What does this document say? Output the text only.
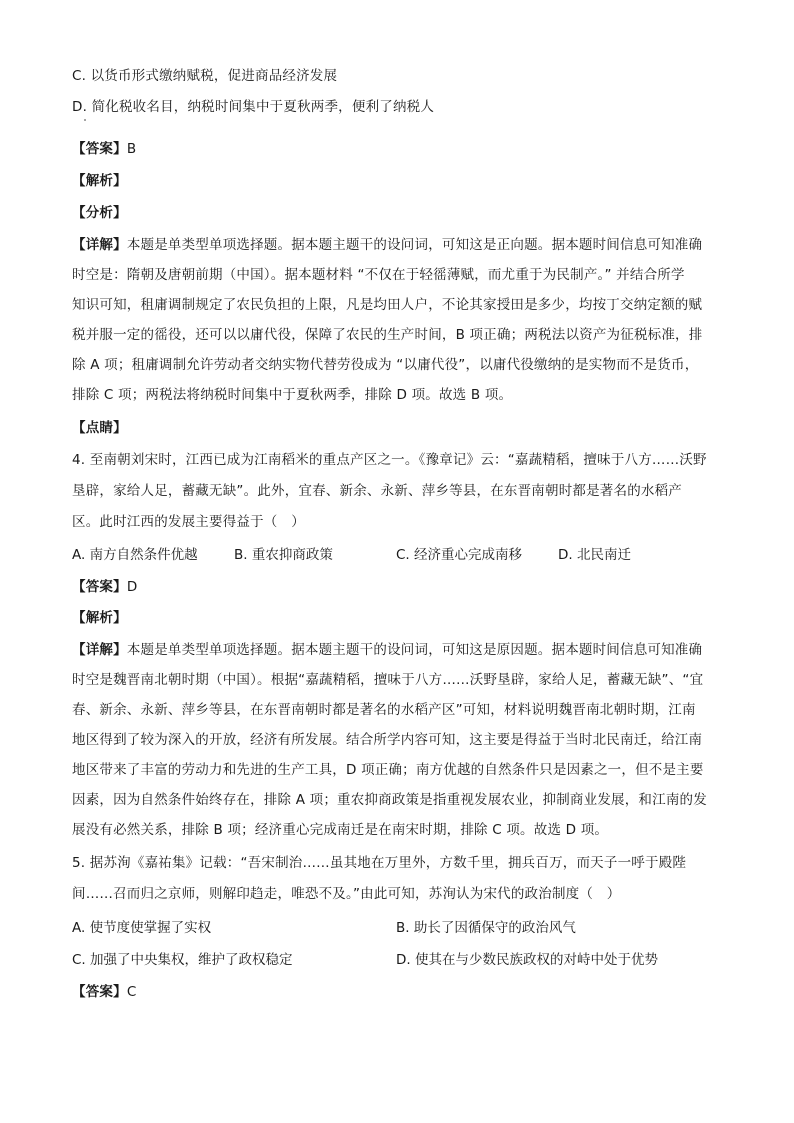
C. 以货币形式缴纳赋税，促进商品经济发展
D. 简化税收名目，纳税时间集中于夏秋两季，便利了纳税人
【答案】B
【解析】
【分析】
【详解】本题是单类型单项选择题。据本题主题干的设问词，可知这是正向题。据本题时间信息可知准确
时空是：隋朝及唐朝前期（中国）。据本题材料 “不仅在于轻徭薄赋，而尤重于为民制产。” 并结合所学
知识可知，租庸调制规定了农民负担的上限，凡是均田人户，不论其家授田是多少，均按丁交纳定额的赋
税并服一定的徭役，还可以以庸代役，保障了农民的生产时间，B 项正确；两税法以资产为征税标准，排
除 A 项；租庸调制允许劳动者交纳实物代替劳役成为 “以庸代役”，以庸代役缴纳的是实物而不是货币，
排除 C 项；两税法将纳税时间集中于夏秋两季，排除 D 项。故选 B 项。
【点睛】
4. 至南朝刘宋时，江西已成为江南稻米的重点产区之一。《豫章记》云：“嘉蔬精稻，擅味于八方……沃野
垦辟，家给人足，蓄藏无缺”。此外，宜春、新余、永新、萍乡等县，在东晋南朝时都是著名的水稻产
区。此时江西的发展主要得益于（　）
A. 南方自然条件优越	B. 重农抑商政策	C. 经济重心完成南移	D. 北民南迁
【答案】D
【解析】
【详解】本题是单类型单项选择题。据本题主题干的设问词，可知这是原因题。据本题时间信息可知准确
时空是魏晋南北朝时期（中国）。根据“嘉蔬精稻，擅味于八方……沃野垦辟，家给人足，蓄藏无缺”、“宜
春、新余、永新、萍乡等县，在东晋南朝时都是著名的水稻产区”可知，材料说明魏晋南北朝时期，江南
地区得到了较为深入的开放，经济有所发展。结合所学内容可知，这主要是得益于当时北民南迁，给江南
地区带来了丰富的劳动力和先进的生产工具，D 项正确；南方优越的自然条件只是因素之一，但不是主要
因素，因为自然条件始终存在，排除 A 项；重农抑商政策是指重视发展农业，抑制商业发展，和江南的发
展没有必然关系，排除 B 项；经济重心完成南迁是在南宋时期，排除 C 项。故选 D 项。
5. 据苏洵《嘉祐集》记载：“吾宋制治……虽其地在万里外，方数千里，拥兵百万，而天子一呼于殿陛
间……召而归之京师，则解印趋走，唯恐不及。”由此可知，苏洵认为宋代的政治制度（　）
A. 使节度使掌握了实权	B. 助长了因循保守的政治风气
C. 加强了中央集权，维护了政权稳定	D. 使其在与少数民族政权的对峙中处于优势
【答案】C
